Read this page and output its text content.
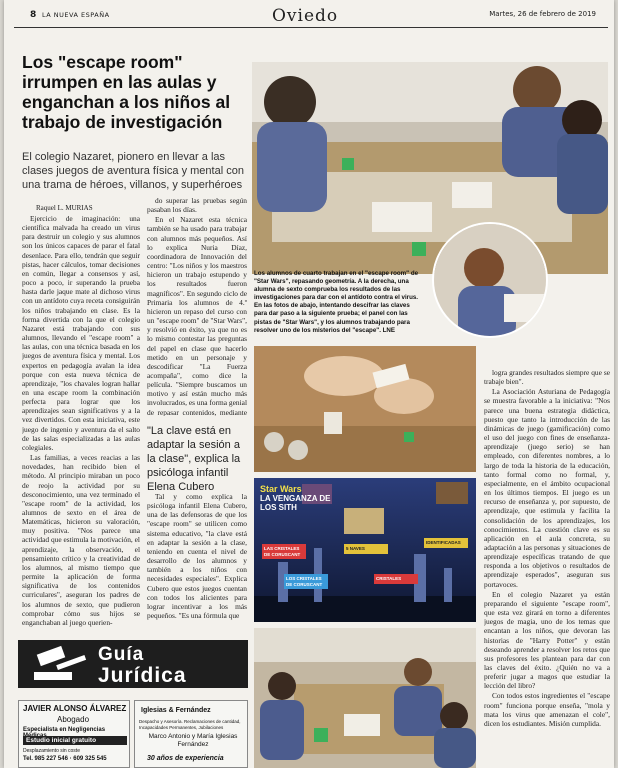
8 LA NUEVA ESPAÑA	Oviedo	Martes, 26 de febrero de 2019
Los "escape room" irrumpen en las aulas y enganchan a los niños al trabajo de investigación
El colegio Nazaret, pionero en llevar a las clases juegos de aventura física y mental con una trama de héroes, villanos, y superhéroes
Raquel L. MURIAS

Ejercicio de imaginación: una científica malvada ha creado un virus para destruir un colegio y sus alumnos son los únicos capaces de parar el fatal desenlace. Para ello, tendrán que seguir pistas, hacer cálculos, tomar decisiones en común, llegar a consensos y así, poco a poco, ir superando la prueba hasta darle jaque mate al dichoso virus con un antídoto cuya receta consiguirán los niños trabajando en clase. Es la forma divertida con la que el colegio Nazaret está trabajando con sus alumnos, llevando el "escape room" a las aulas, con una técnica basada en los juegos de aventura física y mental. Los expertos en pedagogía avalan la idea porque con esta nueva técnica de aprendizaje, "los chavales logran hallar en una escape room la combinación perfecta para lograr que los aprendizajes sean significativos y a la vez divertidos. Con esta iniciativa, este juego de ingenio y aventura da el salto de las salas especializadas a las aulas colegiales.

Las familias, a veces reacias a las novedades, han recibido bien el método. Al principio miraban un poco de reojo la actividad por su desconocimiento, una vez terminado el "escape room" de la actividad, los alumnos de sexto en el área de Matemáticas, hicieron su valoración, muy positiva. "Nos parece una actividad que estimula la motivación, el aprendizaje, la observación, el pensamiento crítico y la creatividad de los alumnos, al mismo tiempo que permite la aplicación de forma significativa de los contenidos curriculares", aseguran los padres de los alumnos de sexto, que pudieron comprobar cómo sus hijos se enganchaban al juego querien-

do superar las pruebas según pasaban los días.

En el Nazaret esta técnica también se ha usado para trabajar con alumnos más pequeños. Así lo explica Nuria Díaz, coordinadora de Innovación del centro: "Los niños y los maestros hicieron un trabajo estupendo y los resultados fueron magníficos". En segundo ciclo de Primaria los alumnos de 4.º hicieron un repaso del curso con un "escape room" de "Star Wars", y resolvió en éxito, ya que no es lo mismo contestar las preguntas del papel en clase que hacerlo metido en un personaje y descodificar "La Fuerza acompaña", como dice la película. "Siempre buscamos un motivo y así están mucho más involucrados, es una forma genial de repasar contenidos, mediante

"La clave está en adaptar la sesión a la clase", explica la psicóloga infantil Elena Cubero

Tal y como explica la psicóloga infantil Elena Cubero, una de las defensoras de que los "escape room" se utilicen como sistema educativo, "la clave está en adaptar la sesión a la clase, teniendo en cuenta el nivel de desarrollo de los alumnos y también a los niños con necesidades especiales". Explica Cubero que estos juegos cuentan con todos los alicientes para lograr incentivar a los más pequeños. "Es una fórmula que

Los alumnos de cuarto trabajan en el "escape room" de "Star Wars", repasando geometría. A la derecha, una alumna de sexto comprueba los resultados de las investigaciones para dar con el antídoto contra el virus. En las fotos de abajo, intentando descifrar las claves para dar paso a la siguiente prueba; el panel con las pistas de "Star Wars", y los alumnos trabajando para resolver uno de los misterios del "escape". LNE
Star Wars
LA VENGANZA DE LOS SITH
LAS CRISTALES DE CORUSCANT
LOS CRISTALES DE CORUSCANT
5 NAVES
CRISTALES
IDENTIFICADAS

logra grandes resultados siempre que se trabaje bien".

La Asociación Asturiana de Pedagogía se muestra favorable a la iniciativa: "Nos parece una buena estrategia didáctica, puesto que tanto la introducción de las dinámicas de juego (gamificación) como el uso del juego con fines de enseñanza-aprendizaje (juego serio) se han empleado, con diferentes nombres, a lo largo de toda la historia de la educación, tanto formal como no formal, y, especialmente, en el ámbito ocupacional en los últimos tiempos. El juego es un recurso de enseñanza y, por supuesto, de aprendizaje, que estimula y facilita la consolidación de los aprendizajes, los conocimientos. La cuestión clave es su aplicación en el aula concreta, su adaptación a las personas y situaciones de aprendizaje específicas tratando de que responda a los objetivos o resultados de aprendizaje esperados", aseguran sus portavoces.

En el colegio Nazaret ya están preparando el siguiente "escape room", que esta vez girará en torno a diferentes juegos de magia, uno de los temas que encantan a los niños, que devoran las historias de "Harry Potter" y están deseando aprender a resolver los retos que sus profesores les plantean para dar con las claves del éxito. ¿Quién no va a preferir jugar a magos que estudiar la lección del libro?

Con todos estos ingredientes el "escape room" funciona porque enseña, "mola y mata los virus que amenazan el cole", dicen los estudiantes. Misión cumplida.

Guía
Jurídica
JAVIER ALONSO ÁLVAREZ
Abogado
Especialista en Negligencias
Estudio inicial gratuito
Desplazamiento sin coste
Tel. 985 227 546 · 609 325 545
Iglesias & Fernández
Despacho y Asesoría. Reclamaciones de cantidad, Incapacidades Permanentes, Jubilaciones
Marco Antonio y María Iglesias Fernández
30 años de experiencia
